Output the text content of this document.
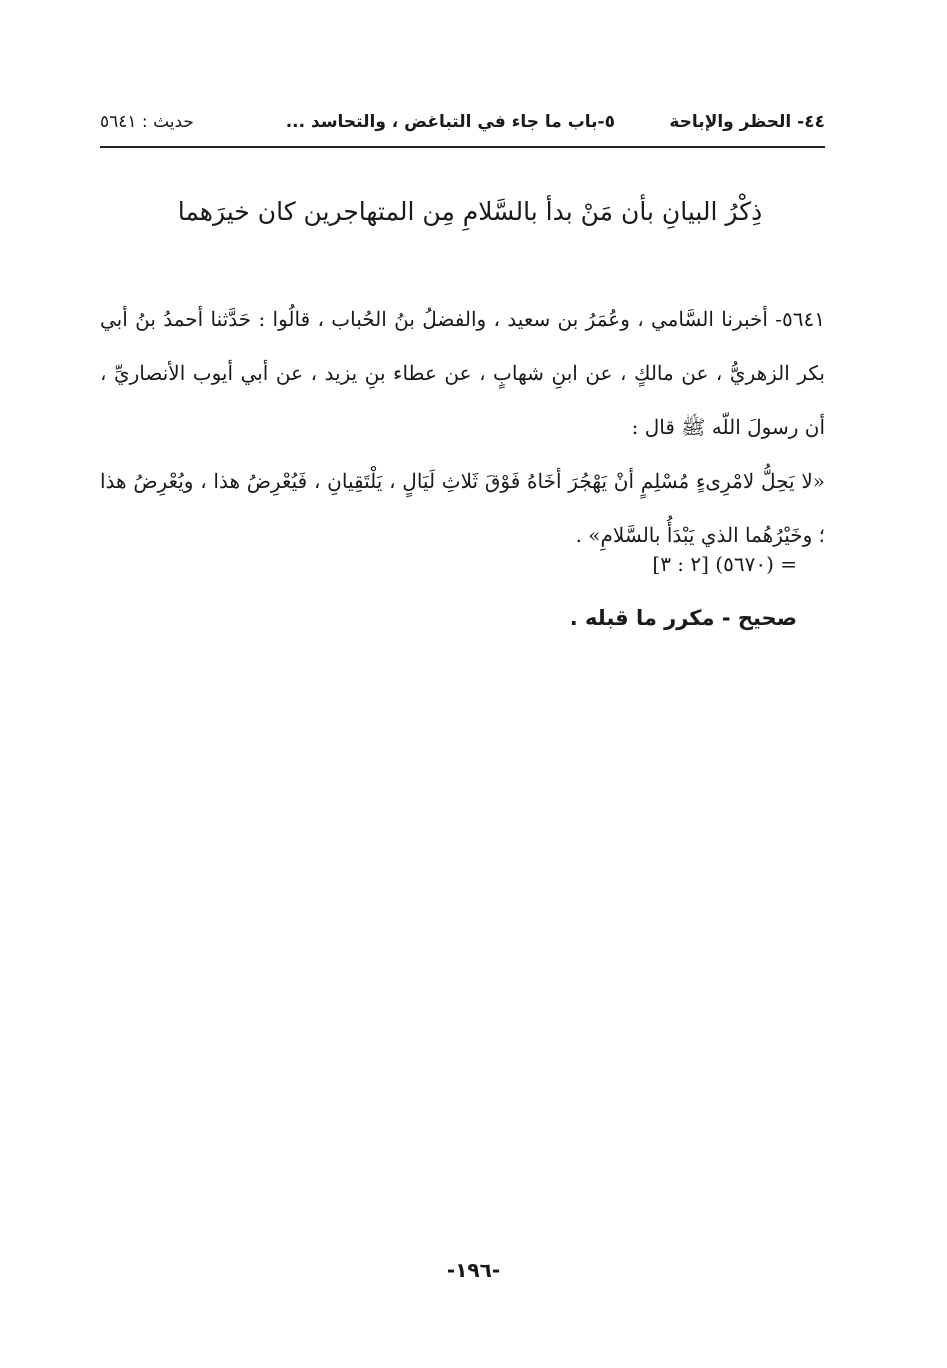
٤٤- الحظر والإباحة
٥-باب ما جاء في التباغض ، والتحاسد ...
حديث : ٥٦٤١
ذِكْرُ البيانِ بأن مَنْ بدأ بالسَّلامِ مِن المتهاجرين كان خيرَهما

٥٦٤١- أخبرنا السَّامي ، وعُمَرُ بن سعيد ، والفضلُ بنُ الحُباب ، قالُوا : حَدَّثنا أحمدُ بنُ أبي بكر الزهريُّ ، عن مالكٍ ، عن ابنِ شهابٍ ، عن عطاء بنِ يزيد ، عن أبي أيوب الأنصاريِّ ، أن رسولَ اللّه ﷺ قال :

«لا يَحِلُّ لامْرِىءٍ مُسْلِمٍ أنْ يَهْجُرَ أخَاهُ فَوْقَ ثَلاثِ لَيَالٍ ، يَلْتَقِيانِ ، فَيُعْرِضُ هذا ، ويُعْرِضُ هذا ؛ وخَيْرُهُما الذي يَبْدَأُ بالسَّلامِ» .

= (٥٦٧٠) [٢ : ٣]
صحيح - مكرر ما قبله .
-١٩٦-
